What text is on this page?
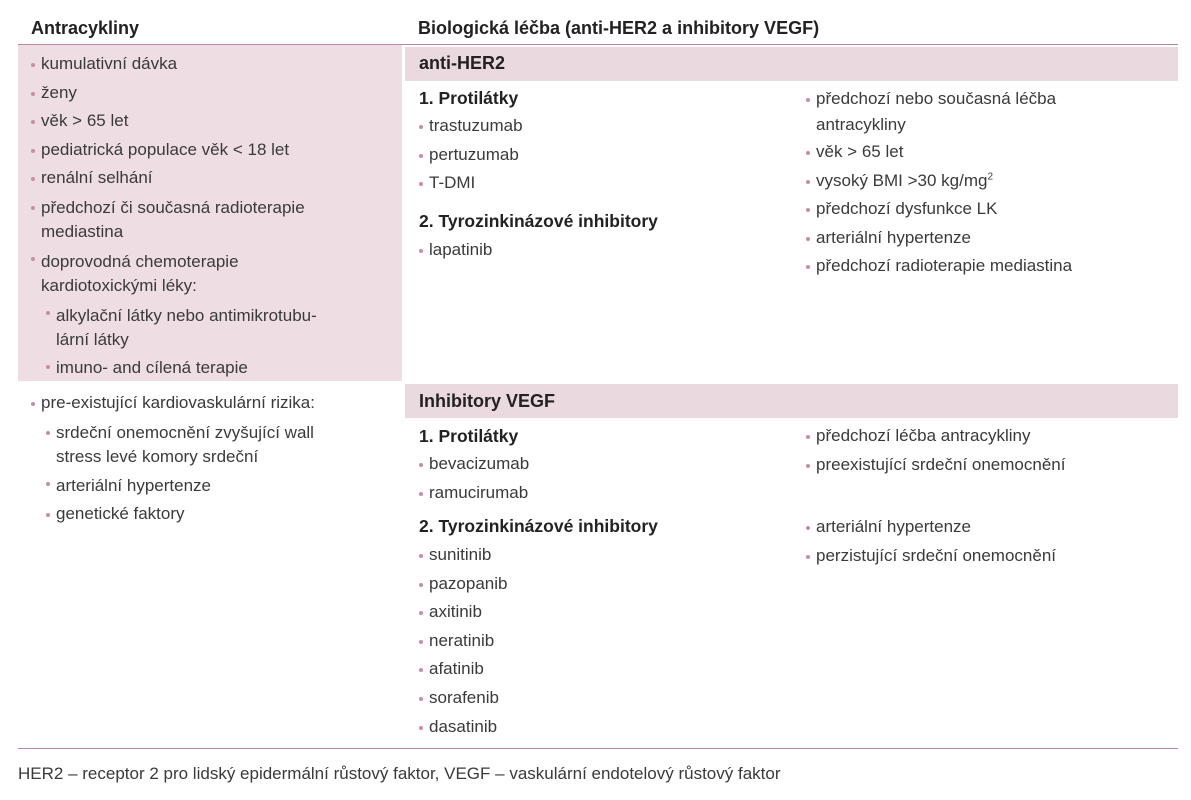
Antracykliny	Biologická léčba (anti-HER2 a inhibitory VEGF)
kumulativní dávka
ženy
věk > 65 let
pediatrická populace věk < 18 let
renální selhání
předchozí či současná radioterapie
mediastina
doprovodná chemoterapie
kardiotoxickými léky:
alkylační látky nebo antimikrotubu-
lární látky
imuno- and cílená terapie
pre-existující kardiovaskulární rizika:
srdeční onemocnění zvyšující wall
stress levé komory srdeční
arteriální hypertenze
genetické faktory
anti-HER2
1. Protilátky
trastuzumab
pertuzumab
T-DMI
2. Tyrozinkinázové inhibitory
lapatinib
předchozí nebo současná léčba
antracykliny
věk > 65 let
vysoký BMI >30 $kg/mg^2$
předchozí dysfunkce LK
arteriální hypertenze
předchozí radioterapie mediastina
Inhibitory VEGF
1. Protilátky
bevacizumab
ramucirumab
2. Tyrozinkinázové inhibitory
sunitinib
pazopanib
axitinib
neratinib
afatinib
sorafenib
dasatinib
předchozí léčba antracykliny
preexistující srdeční onemocnění
arteriální hypertenze
perzistující srdeční onemocnění
HER2 – receptor 2 pro lidský epidermální růstový faktor, VEGF – vaskulární endotelový růstový faktor
